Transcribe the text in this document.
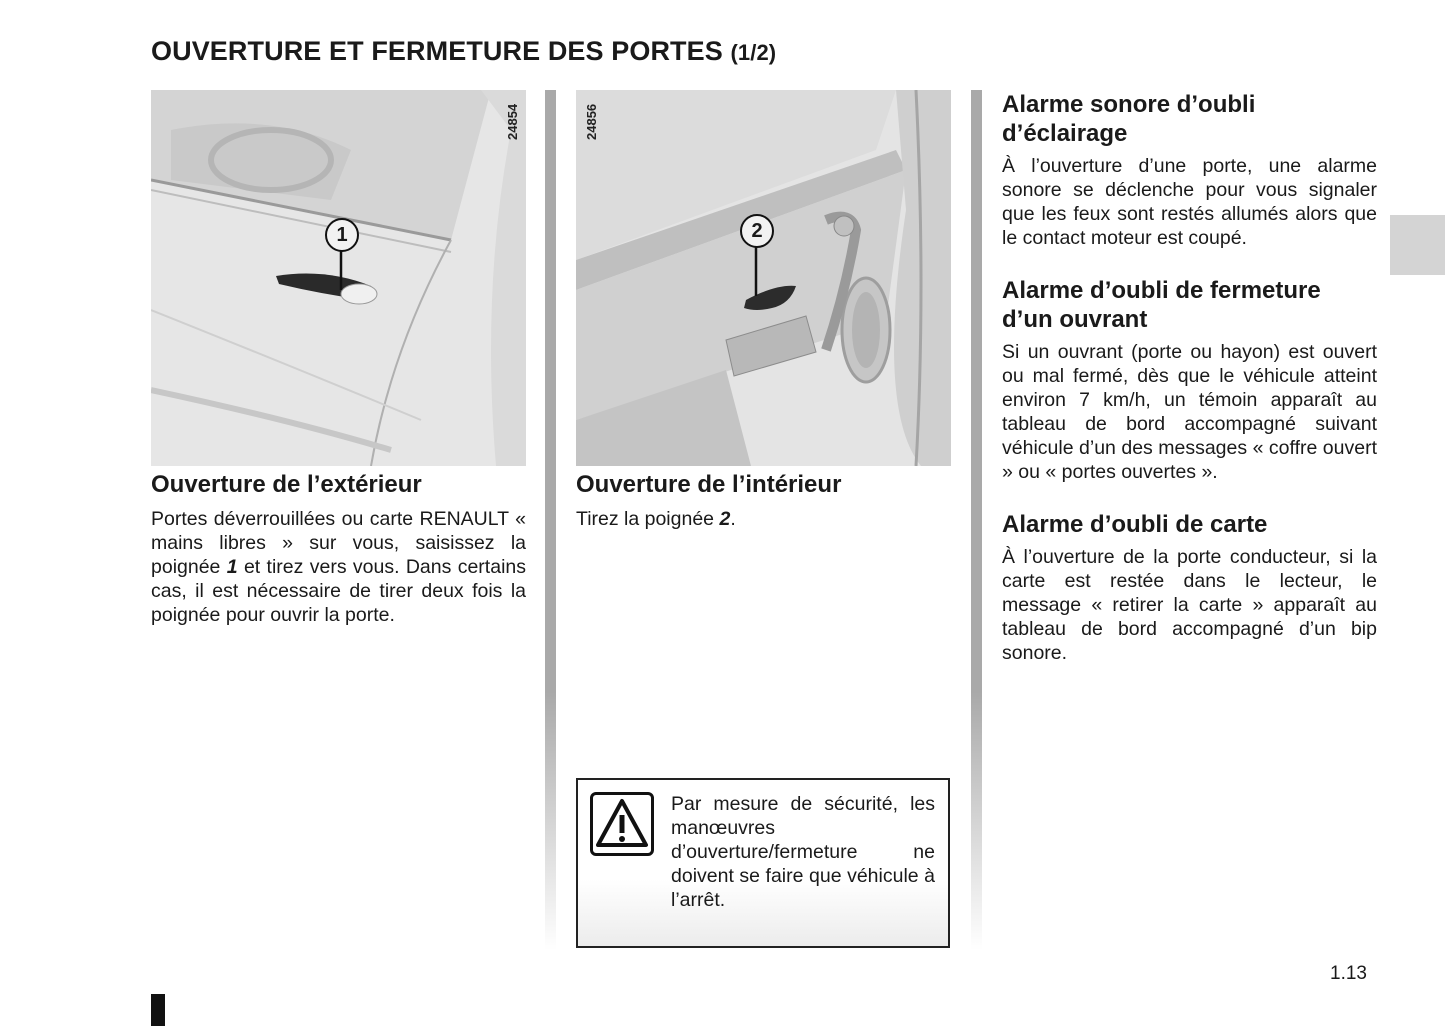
OUVERTURE ET FERMETURE DES PORTES (1/2)
24854
1
Ouverture de l’extérieur

Portes déverrouillées ou carte RENAULT « mains libres » sur vous, saisissez la poignée 1 et tirez vers vous. Dans certains cas, il est nécessaire de tirer deux fois la poignée pour ouvrir la porte.

24856
2
Ouverture de l’intérieur

Tirez la poignée 2.

Par mesure de sécurité, les manœuvres d’ouverture/fermeture ne doivent se faire que véhicule à l’arrêt.
Alarme sonore d’oubli d’éclairage

À l’ouverture d’une porte, une alarme sonore se déclenche pour vous signaler que les feux sont restés allumés alors que le contact moteur est coupé.

Alarme d’oubli de fermeture d’un ouvrant

Si un ouvrant (porte ou hayon) est ouvert ou mal fermé, dès que le véhicule atteint environ 7 km/h, un témoin apparaît au tableau de bord accompagné suivant véhicule d’un des messages « coffre ouvert » ou « portes ouvertes ».

Alarme d’oubli de carte

À l’ouverture de la porte conducteur, si la carte est restée dans le lecteur, le message « retirer la carte » apparaît au tableau de bord accompagné d’un bip sonore.

1.13
